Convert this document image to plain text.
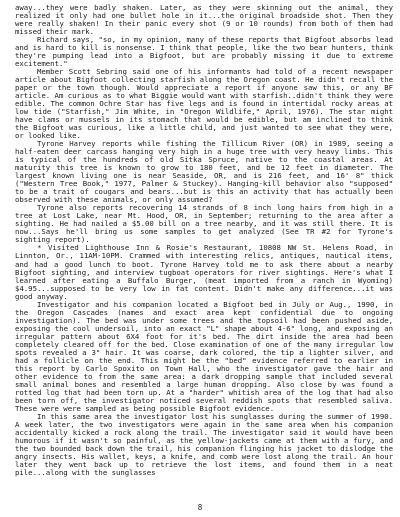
away...they were badly shaken. Later, as they were skinning out the animal, they realized it only had one bullet hole in it...the original broadside shot. Then they were really shaken! In their panic every shot (9 or 10 rounds) from both of them had missed their mark.

Richard says, "so, in my opinion, many of these reports that Bigfoot absorbs lead and is hard to kill is nonsense. I think that people, like the two bear hunters, think they're pumping lead into a Bigfoot, but are probably missing it due to extreme excitement."

Member Scott Sebring said one of his informants had told of a recent newspaper article about Bigfoot collecting starfish along the Oregon coast. He didn't recall the paper or the town though. Would appreciate a report if anyone saw this, or any BF article. Am curious as to what Biggie would want with starfish..didn't think they were edible. The common Ochre Star has five legs and is found in intertidal rocky areas at low tide ("Starfish," Jim White, in "Oregon Wildlife," April, 1976). The star might have clams or mussels in its stomach that would be edible, but am inclined to think the Bigfoot was curious, like a little child, and just wanted to see what they were, or looked like.

Tyrone Harvey reports while fishing the Tillicum River (OR) in 1989, seeing a half-eaten deer carcass hanging very high in a huge tree with very heavy limbs. This is typical of the hundreds of old Sitka Spruce, native to the coastal areas. At maturity this tree is known to grow to 180 feet, and be 12 feet in diameter. The largest known living one is near Seaside, OR, and is 216 feet, and 16' 8" thick ("Western Tree Book," 1977, Palmer & Stuckey). Hanging-kill behavior also "supposed" to be a trait of cougars and bears...but is this an activity that has actually been observed with these animals, or only assumed?

Tyrone also reports recovering 14 strands of 8 inch long hairs from high in a tree at Lost Lake, near Mt. Hood, OR, in September; returning to the area after a sighting. He had nailed a $5.00 bill on a tree nearby, and it was still there. It is now...Says he'll bring us some samples to get analyzed (See TR #2 for Tyrone's sighting report).

* Visited Lighthouse Inn & Rosie's Restaurant, 10808 NW St. Helens Road, in Linnton, Or., 11AM-10PM. Crammed with interesting relics, antiques, nautical items, and had a good lunch to boot. Tyrone Harvey told me to ask there about a nearby Bigfoot sighting, and interview tugboat operators for river sightings. Here's what I learned after eating a Buffalo Burger, (meat imported from a ranch in Wyoming) $4.95...supposed to be very low in fat content. Didn't make any difference...it was good anyway.

Investigator and his companion located a Bigfoot bed in July or Aug., 1990, in the Oregon Cascades (names and exact area kept confidential due to ongoing investigation). The bed was under some trees and the topsoil had been pushed aside, exposing the cool undersoil, into an exact "L" shape about 4-6" long, and exposing an irregular pattern about 6X4 foot for it's bed. The dirt inside the area had been completely cleared off for the bed. Close examination of one of the many irregular low spots revealed a 3" hair. It was coarse, dark colored, the tip a lighter silver, and had a follicle on the end. This might be the "bed" evidence referred to earlier in this report by Carlo Spoxito on Town Hall, who the investigator gave the hair and other evidence to from the same area: a dark dropping sample that included several small animal bones and resembled a large human dropping. Also close by was found a rotted log that had been torn up. At a "harder" whitish area of the log that had also been torn off, the investigator noticed several reddish spots that resembled saliva. These were were sampled as being possible Bigfoot evidence.

In this same area the investigator lost his sunglasses during the summer of 1990. A week later, the two investigators were again in the same area when his companion accidentally kicked a rock along the trail. The investigator said it would have been humorous if it wasn't so painful, as the yellow-jackets came at them with a fury, and the two bounded back down the trail, his companion flinging his jacket to dislodge the angry insects. His wallet, keys, a knife, and comb were lost along the trail. An hour later they went back up to retrieve the lost items, and found them in a neat pile...along with the sunglasses

8
